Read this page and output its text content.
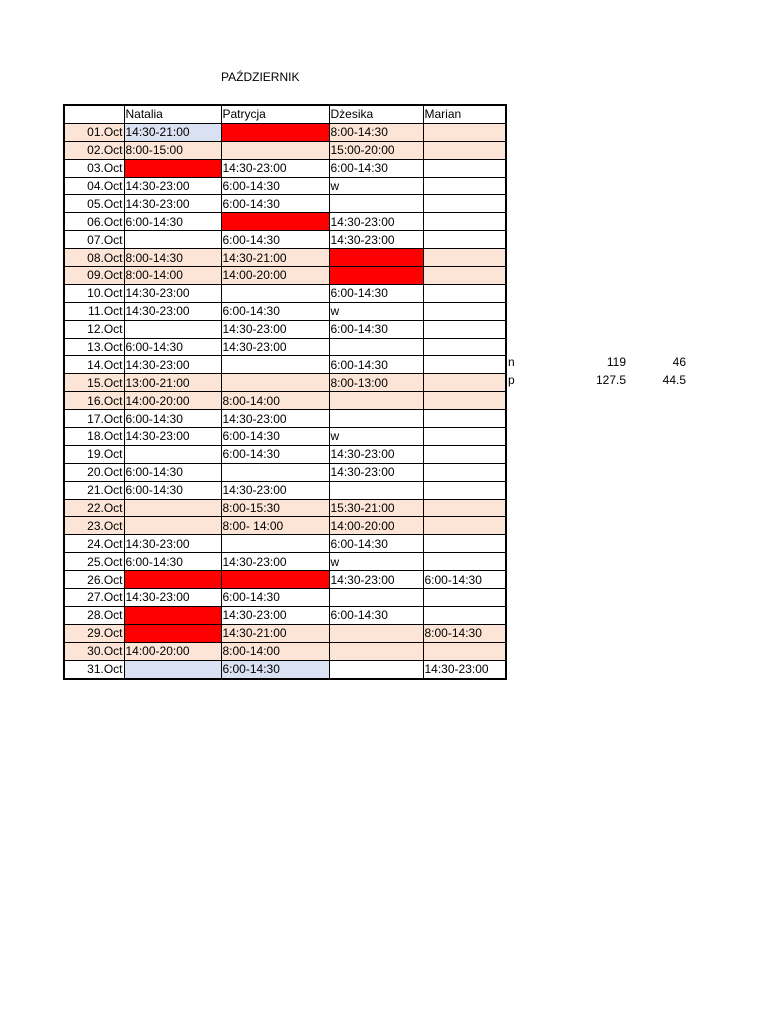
PAŹDZIERNIK
	Natalia	Patrycja	Dżesika	Marian
01.Oct	14:30-21:00		8:00-14:30	
02.Oct	8:00-15:00		15:00-20:00	
03.Oct		14:30-23:00	6:00-14:30	
04.Oct	14:30-23:00	6:00-14:30	w	
05.Oct	14:30-23:00	6:00-14:30		
06.Oct	6:00-14:30		14:30-23:00	
07.Oct		6:00-14:30	14:30-23:00	
08.Oct	8:00-14:30	14:30-21:00		
09.Oct	8:00-14:00	14:00-20:00		
10.Oct	14:30-23:00		6:00-14:30	
11.Oct	14:30-23:00	6:00-14:30	w	
12.Oct		14:30-23:00	6:00-14:30	
13.Oct	6:00-14:30	14:30-23:00		
14.Oct	14:30-23:00		6:00-14:30	
15.Oct	13:00-21:00		8:00-13:00	
16.Oct	14:00-20:00	8:00-14:00		
17.Oct	6:00-14:30	14:30-23:00		
18.Oct	14:30-23:00	6:00-14:30	w	
19.Oct		6:00-14:30	14:30-23:00	
20.Oct	6:00-14:30		14:30-23:00	
21.Oct	6:00-14:30	14:30-23:00		
22.Oct		8:00-15:30	15:30-21:00	
23.Oct		8:00- 14:00	14:00-20:00	
24.Oct	14:30-23:00		6:00-14:30	
25.Oct	6:00-14:30	14:30-23:00	w	
26.Oct			14:30-23:00	6:00-14:30
27.Oct	14:30-23:00	6:00-14:30		
28.Oct		14:30-23:00	6:00-14:30	
29.Oct		14:30-21:00		8:00-14:30
30.Oct	14:00-20:00	8:00-14:00		
31.Oct		6:00-14:30		14:30-23:00
n	119	46
p	127.5	44.5
